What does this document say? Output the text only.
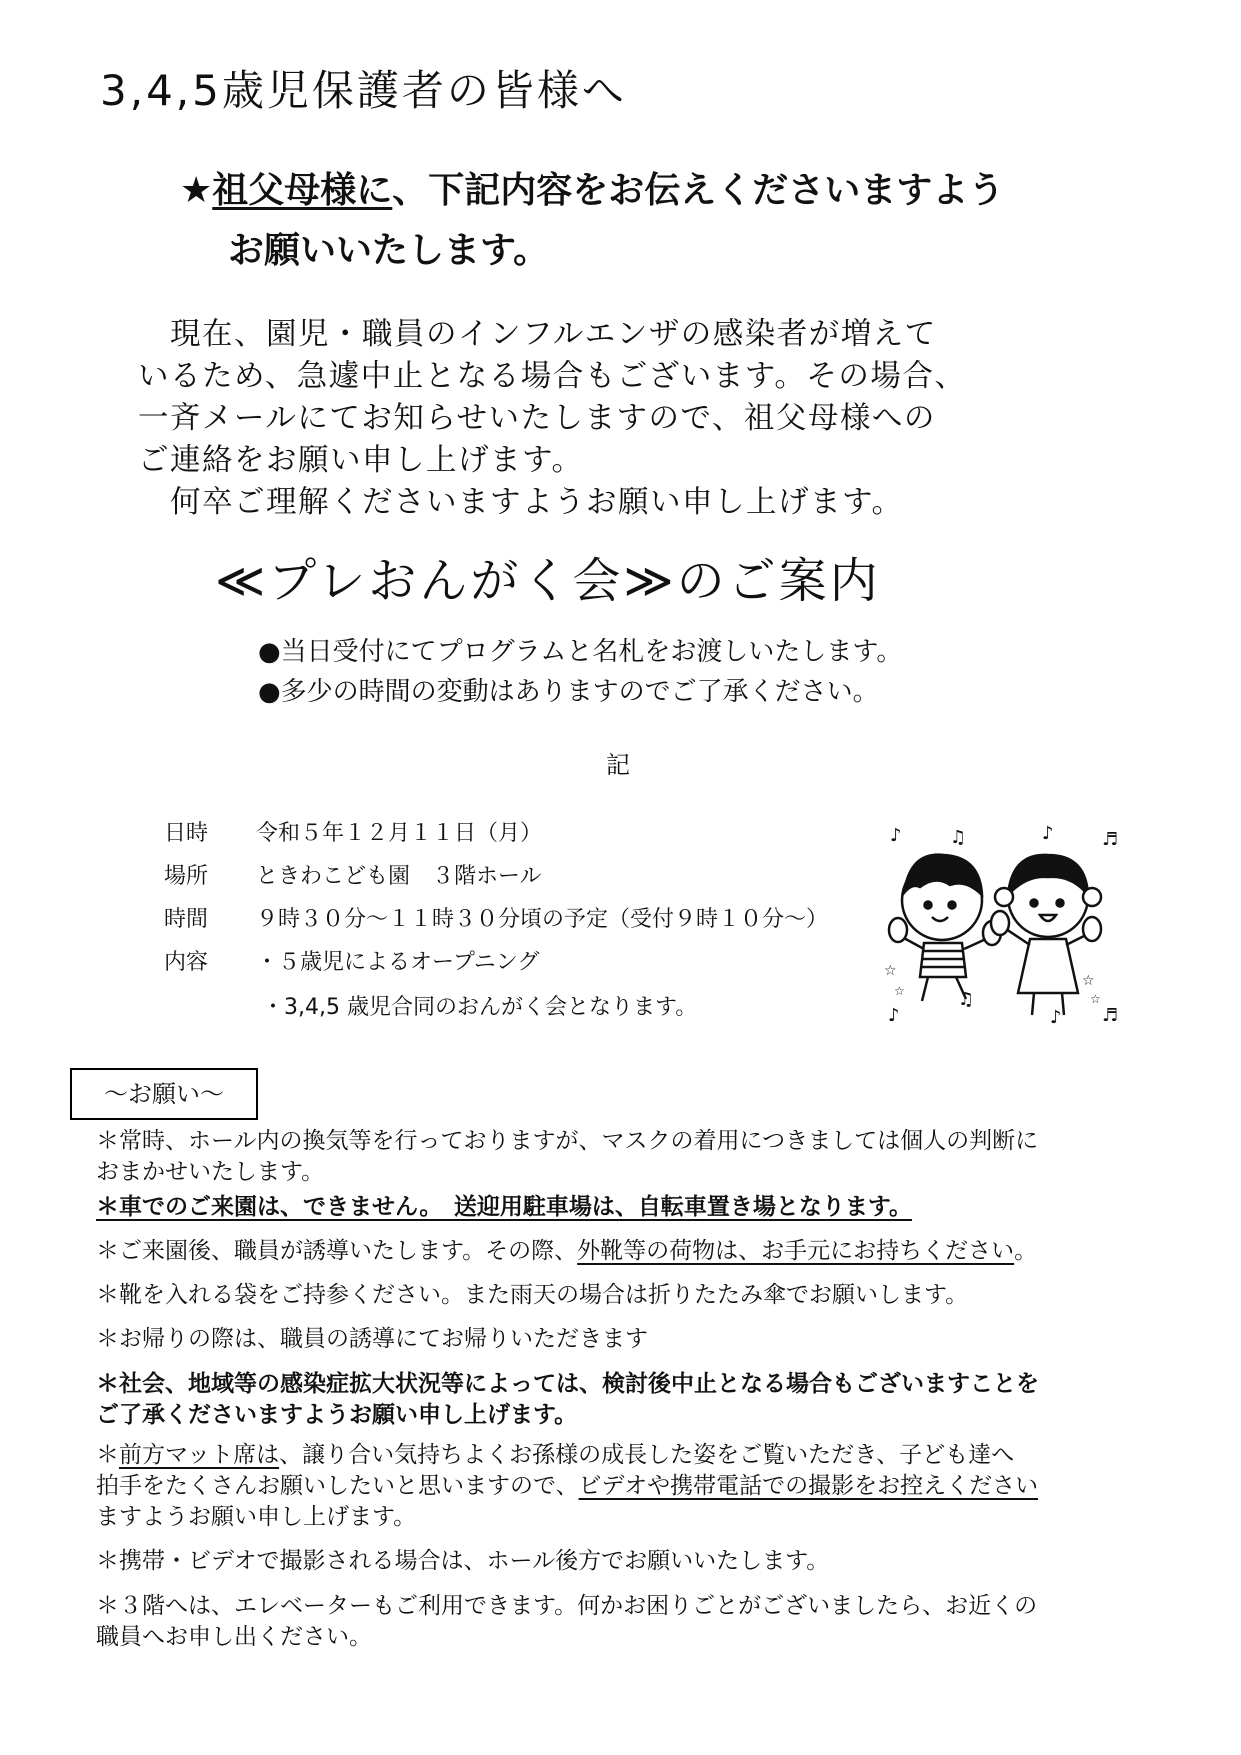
3,4,5歳児保護者の皆様へ
★祖父母様に、下記内容をお伝えくださいますよう
お願いいたします。
　現在、園児・職員のインフルエンザの感染者が増えて
いるため、急遽中止となる場合もございます。その場合、
一斉メールにてお知らせいたしますので、祖父母様への
ご連絡をお願い申し上げます。
　何卒ご理解くださいますようお願い申し上げます。
≪プレおんがく会≫のご案内
●当日受付にてプログラムと名札をお渡しいたします。
●多少の時間の変動はありますのでご了承ください。
記
日時 令和５年１２月１１日（月）
場所 ときわこども園　３階ホール
時間 ９時３０分～１１時３０分頃の予定（受付９時１０分～）
内容 ・５歳児によるオープニング
・3,4,5 歳児合同のおんがく会となります。
♪	♫	♪	♬
♪
♫
♪ ♬
☆
☆
☆
☆
～お願い～
＊常時、ホール内の換気等を行っておりますが、マスクの着用につきましては個人の判断に
おまかせいたします。
＊車でのご来園は、できません。　送迎用駐車場は、自転車置き場となります。
＊ご来園後、職員が誘導いたします。その際、外靴等の荷物は、お手元にお持ちください。
＊靴を入れる袋をご持参ください。また雨天の場合は折りたたみ傘でお願いします。
＊お帰りの際は、職員の誘導にてお帰りいただきます
＊社会、地域等の感染症拡大状況等によっては、検討後中止となる場合もございますことを
ご了承くださいますようお願い申し上げます。
＊前方マット席は、譲り合い気持ちよくお孫様の成長した姿をご覧いただき、子ども達へ
拍手をたくさんお願いしたいと思いますので、ビデオや携帯電話での撮影をお控えください
ますようお願い申し上げます。
＊携帯・ビデオで撮影される場合は、ホール後方でお願いいたします。
＊３階へは、エレベーターもご利用できます。何かお困りごとがございましたら、お近くの
職員へお申し出ください。
